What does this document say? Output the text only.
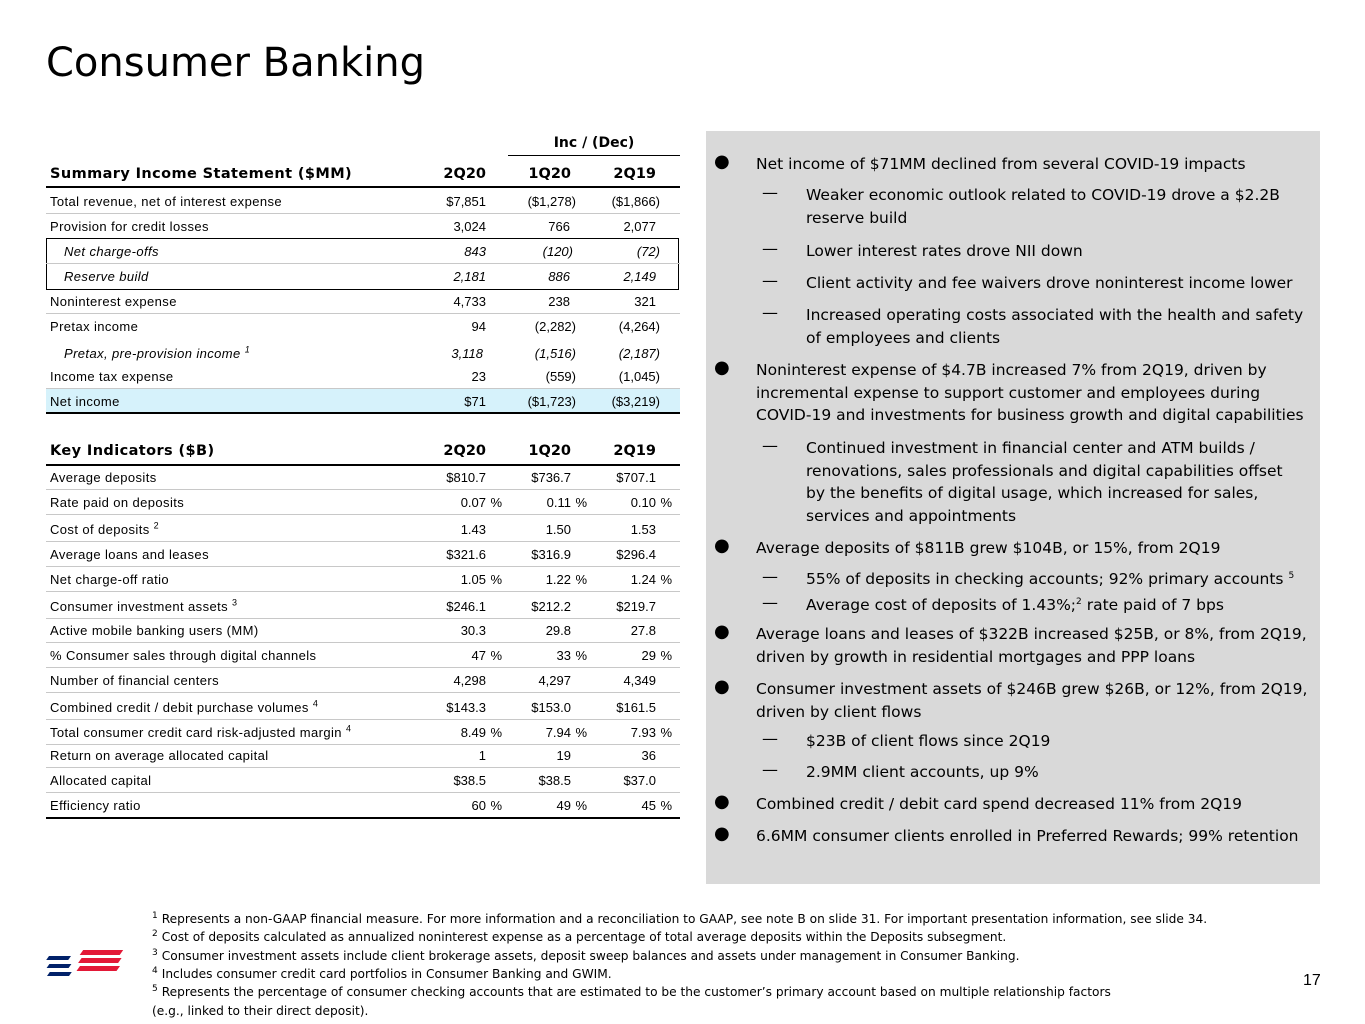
Consumer Banking
Inc / (Dec)
Summary Income Statement ($MM)	2Q20	1Q20	2Q19
Total revenue, net of interest expense	$7,851	($1,278)	($1,866)
Provision for credit losses	3,024	766	2,077
Net charge-offs	843	(120)	(72)
Reserve build	2,181	886	2,149
Noninterest expense	4,733	238	321
Pretax income	94	(2,282)	(4,264)
Pretax, pre-provision income $^1$	3,118	(1,516)	(2,187)
Income tax expense	23	(559)	(1,045)
Net income	$71	($1,723)	($3,219)
Key Indicators ($B)	2Q20	1Q20	2Q19
Average deposits	$810.7	$736.7	$707.1
Rate paid on deposits	0.07 %	0.11 %	0.10 %
Cost of deposits $^2$	1.43	1.50	1.53
Average loans and leases	$321.6	$316.9	$296.4
Net charge-off ratio	1.05 %	1.22 %	1.24 %
Consumer investment assets $^3$	$246.1	$212.2	$219.7
Active mobile banking users (MM)	30.3	29.8	27.8
% Consumer sales through digital channels	47 %	33 %	29 %
Number of financial centers	4,298	4,297	4,349
Combined credit / debit purchase volumes $^4$	$143.3	$153.0	$161.5
Total consumer credit card risk-adjusted margin $^4$	8.49 %	7.94 %	7.93 %
Return on average allocated capital	1	19	36
Allocated capital	$38.5	$38.5	$37.0
Efficiency ratio	60 %	49 %	45 %
● Net income of $71MM declined from several COVID-19 impacts
— Weaker economic outlook related to COVID-19 drove a $2.2B reserve build
— Lower interest rates drove NII down
— Client activity and fee waivers drove noninterest income lower
— Increased operating costs associated with the health and safety of employees and clients
● Noninterest expense of $4.7B increased 7% from 2Q19, driven by incremental expense to support customer and employees during COVID-19 and investments for business growth and digital capabilities
— Continued investment in financial center and ATM builds / renovations, sales professionals and digital capabilities offset by the benefits of digital usage, which increased for sales, services and appointments
● Average deposits of $811B grew $104B, or 15%, from 2Q19
— 55% of deposits in checking accounts; 92% primary accounts $^5$
— Average cost of deposits of 1.43%;$^2$ rate paid of 7 bps
● Average loans and leases of $322B increased $25B, or 8%, from 2Q19, driven by growth in residential mortgages and PPP loans
● Consumer investment assets of $246B grew $26B, or 12%, from 2Q19, driven by client flows
— $23B of client flows since 2Q19
— 2.9MM client accounts, up 9%
● Combined credit / debit card spend decreased 11% from 2Q19
● 6.6MM consumer clients enrolled in Preferred Rewards; 99% retention
$^1$ Represents a non-GAAP financial measure. For more information and a reconciliation to GAAP, see note B on slide 31. For important presentation information, see slide 34.
$^2$ Cost of deposits calculated as annualized noninterest expense as a percentage of total average deposits within the Deposits subsegment.
$^3$ Consumer investment assets include client brokerage assets, deposit sweep balances and assets under management in Consumer Banking.
$^4$ Includes consumer credit card portfolios in Consumer Banking and GWIM.
$^5$ Represents the percentage of consumer checking accounts that are estimated to be the customer’s primary account based on multiple relationship factors
(e.g., linked to their direct deposit).
17
